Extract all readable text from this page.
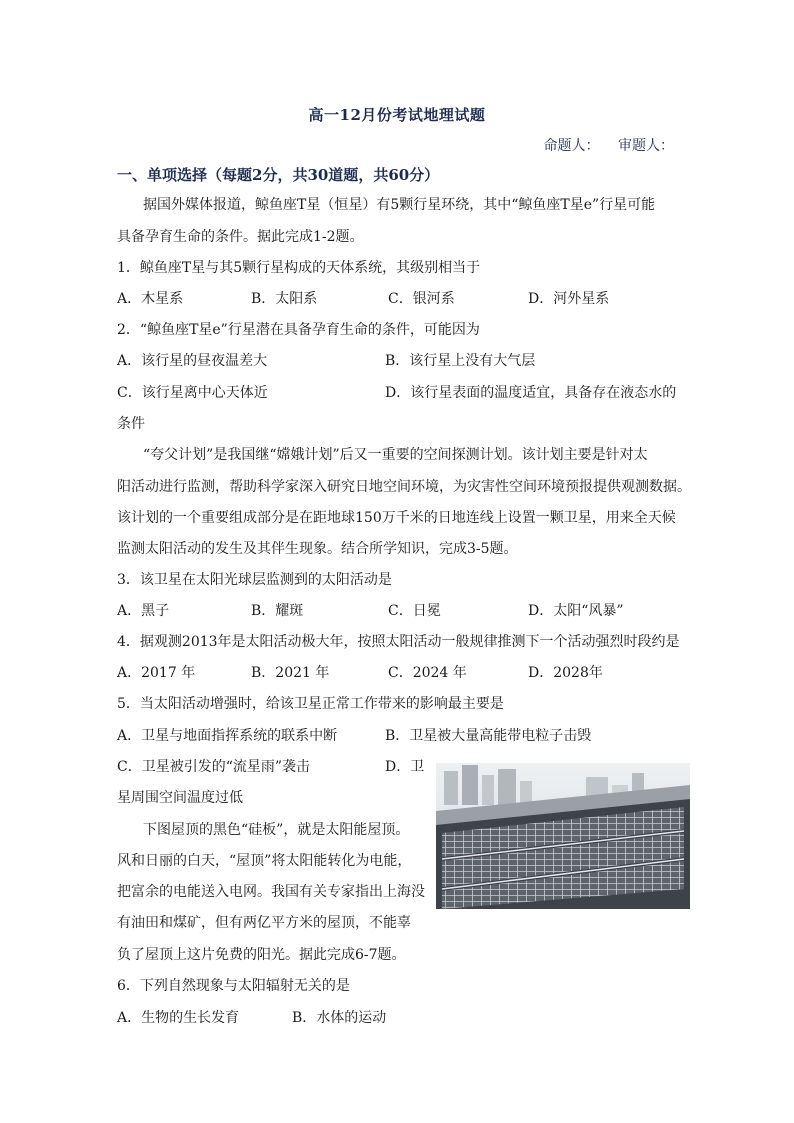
高一12月份考试地理试题
命题人： 审题人：
一、单项选择（每题2分，共30道题，共60分）
据国外媒体报道，鲸鱼座T星（恒星）有5颗行星环绕，其中“鲸鱼座T星e”行星可能
具备孕育生命的条件。据此完成1-2题。
1．鲸鱼座T星与其5颗行星构成的天体系统，其级别相当于
A．木星系	B．太阳系	C．银河系	D．河外星系
2．“鲸鱼座T星e”行星潜在具备孕育生命的条件，可能因为
A．该行星的昼夜温差大	B．该行星上没有大气层
C．该行星离中心天体近	D．该行星表面的温度适宜，具备存在液态水的
条件
“夸父计划”是我国继“嫦娥计划”后又一重要的空间探测计划。该计划主要是针对太
阳活动进行监测，帮助科学家深入研究日地空间环境，为灾害性空间环境预报提供观测数据。
该计划的一个重要组成部分是在距地球150万千米的日地连线上设置一颗卫星，用来全天候
监测太阳活动的发生及其伴生现象。结合所学知识，完成3-5题。
3．该卫星在太阳光球层监测到的太阳活动是
A．黑子	B．耀斑	C．日冕	D．太阳“风暴”
4．据观测2013年是太阳活动极大年，按照太阳活动一般规律推测下一个活动强烈时段约是
A．2017 年	B．2021 年	C．2024 年	D．2028年
5．当太阳活动增强时，给该卫星正常工作带来的影响最主要是
A．卫星与地面指挥系统的联系中断	B．卫星被大量高能带电粒子击毁
C．卫星被引发的“流星雨”袭击	D．卫
星周围空间温度过低
下图屋顶的黑色“硅板”，就是太阳能屋顶。
风和日丽的白天，“屋顶”将太阳能转化为电能，
把富余的电能送入电网。我国有关专家指出上海没
有油田和煤矿，但有两亿平方米的屋顶，不能辜
负了屋顶上这片免费的阳光。据此完成6-7题。
6．下列自然现象与太阳辐射无关的是
A．生物的生长发育	B．水体的运动
